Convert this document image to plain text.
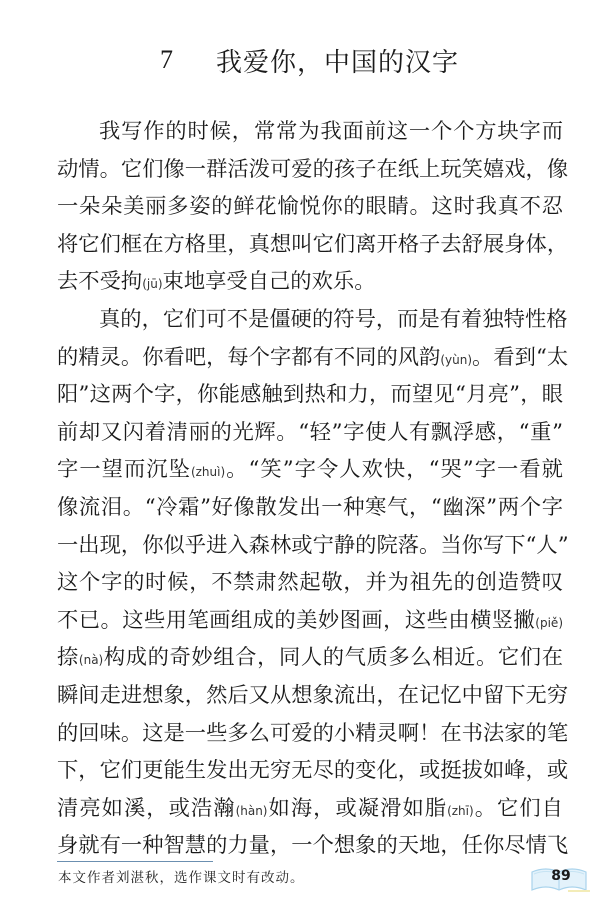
7	我爱你，中国的汉字
我写作的时候，常常为我面前这一个个方块字而
动情。它们像一群活泼可爱的孩子在纸上玩笑嬉戏，像
一朵朵美丽多姿的鲜花愉悦你的眼睛。这时我真不忍
将它们框在方格里，真想叫它们离开格子去舒展身体，
去不受拘(jū)束地享受自己的欢乐。
真的，它们可不是僵硬的符号，而是有着独特性格
的精灵。你看吧，每个字都有不同的风韵(yùn)。看到“太
阳”这两个字，你能感触到热和力，而望见“月亮”，眼
前却又闪着清丽的光辉。“轻”字使人有飘浮感，“重”
字一望而沉坠(zhuì)。“笑”字令人欢快，“哭”字一看就
像流泪。“冷霜”好像散发出一种寒气，“幽深”两个字
一出现，你似乎进入森林或宁静的院落。当你写下“人”
这个字的时候，不禁肃然起敬，并为祖先的创造赞叹
不已。这些用笔画组成的美妙图画，这些由横竖撇(piě)
捺(nà)构成的奇妙组合，同人的气质多么相近。它们在
瞬间走进想象，然后又从想象流出，在记忆中留下无穷
的回味。这是一些多么可爱的小精灵啊！在书法家的笔
下，它们更能生发出无穷无尽的变化，或挺拔如峰，或
清亮如溪，或浩瀚(hàn)如海，或凝滑如脂(zhī)。它们自
身就有一种智慧的力量，一个想象的天地，任你尽情飞
本文作者刘湛秋，选作课文时有改动。	89
